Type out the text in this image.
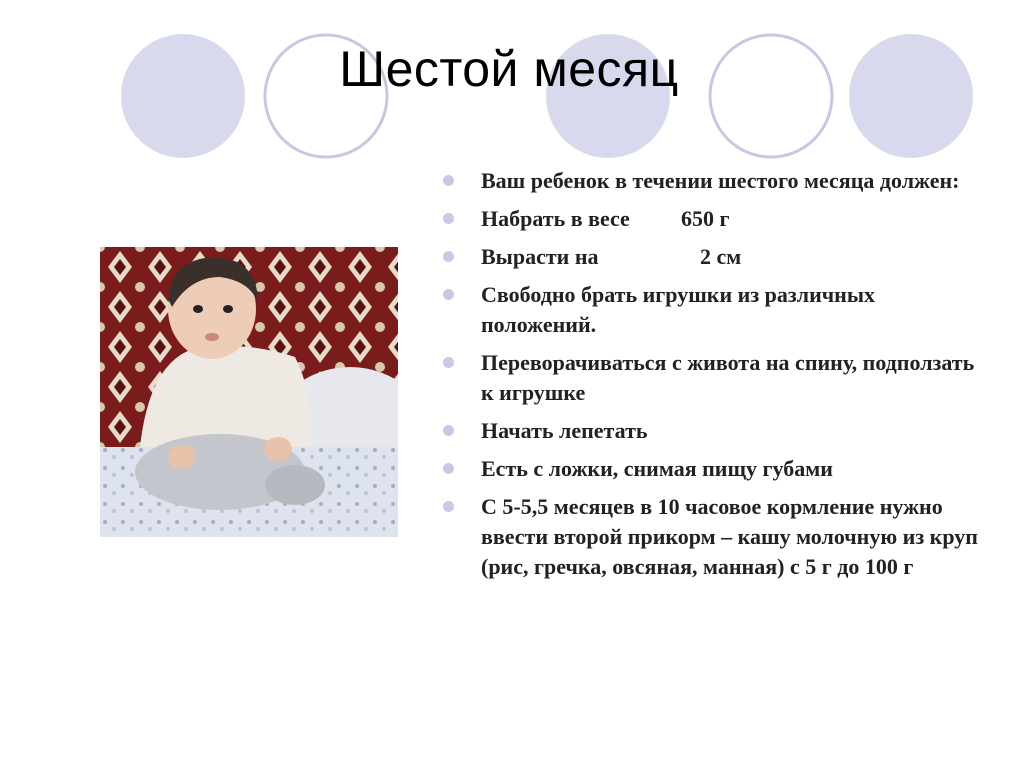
Шестой месяц
Ваш ребенок в течении шестого месяца должен:
Набрать в весе 650 г
Вырасти на	2 см
Свободно брать игрушки из различных положений.
Переворачиваться с живота на спину, подползать к игрушке
Начать лепетать
Есть с ложки, снимая пищу губами
С 5-5,5 месяцев в 10 часовое кормление нужно ввести второй прикорм – кашу молочную из круп (рис, гречка, овсяная, манная) с 5 г до 100 г
